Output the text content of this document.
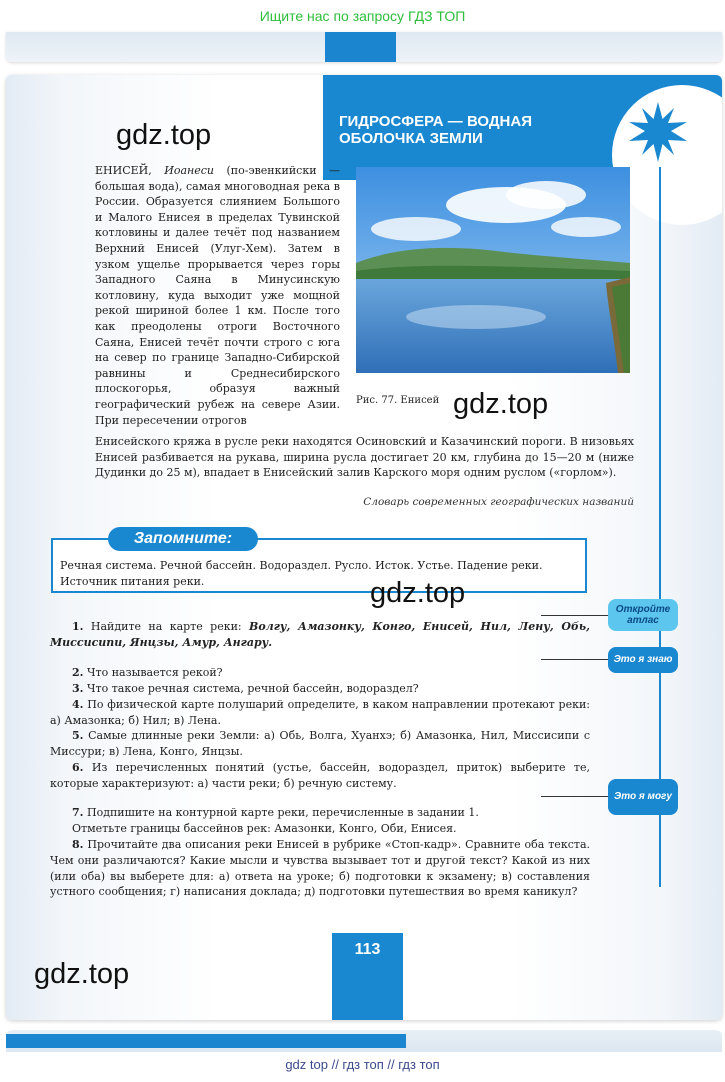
Ищите нас по запросу ГДЗ ТОП
ГИДРОСФЕРА — ВОДНАЯ ОБОЛОЧКА ЗЕМЛИ
gdz.top
ЕНИСЕЙ, Иоанеси (по-эвенкийски — большая вода), самая многоводная река в России. Образуется слиянием Большого и Малого Енисея в пределах Тувинской котловины и далее течёт под названием Верхний Енисей (Улуг-Хем). Затем в узком ущелье прорывается через горы Западного Саяна в Минусинскую котловину, куда выходит уже мощной рекой шириной более 1 км. После того как преодолены отроги Восточного Саяна, Енисей течёт почти строго с юга на север по границе Западно-Сибирской равнины и Среднесибирского плоскогорья, образуя важный географический рубеж на севере Азии. При пересечении отрогов
Рис. 77. Енисей gdz.top
Енисейского кряжа в русле реки находятся Осиновский и Казачинский пороги. В низовьях Енисей разбивается на рукава, ширина русла достигает 20 км, глубина до 15—20 м (ниже Дудинки до 25 м), впадает в Енисейский залив Карского моря одним руслом («горлом»).
Словарь современных географических названий
Запомните:
Речная система. Речной бассейн. Водораздел. Русло. Исток. Устье. Падение реки. Источник питания реки.	gdz.top
Откройте атлас
Это я знаю
Это я могу
1. Найдите на карте реки: Волгу, Амазонку, Конго, Енисей, Нил, Лену, Обь, Миссисипи, Янцзы, Амур, Ангару.
2. Что называется рекой?
3. Что такое речная система, речной бассейн, водораздел?
4. По физической карте полушарий определите, в каком направлении протекают реки: а) Амазонка; б) Нил; в) Лена.
5. Самые длинные реки Земли: а) Обь, Волга, Хуанхэ; б) Амазонка, Нил, Миссисипи с Миссури; в) Лена, Конго, Янцзы.
6. Из перечисленных понятий (устье, бассейн, водораздел, приток) выберите те, которые характеризуют: а) части реки; б) речную систему.
7. Подпишите на контурной карте реки, перечисленные в задании 1.
Отметьте границы бассейнов рек: Амазонки, Конго, Оби, Енисея.
8. Прочитайте два описания реки Енисей в рубрике «Стоп-кадр». Сравните оба текста. Чем они различаются? Какие мысли и чувства вызывает тот и другой текст? Какой из них (или оба) вы выберете для: а) ответа на уроке; б) подготовки к экзамену; в) составления устного сообщения; г) написания доклада; д) подготовки путешествия во время каникул?
113
gdz.top
gdz top // гдз топ // гдз топ
